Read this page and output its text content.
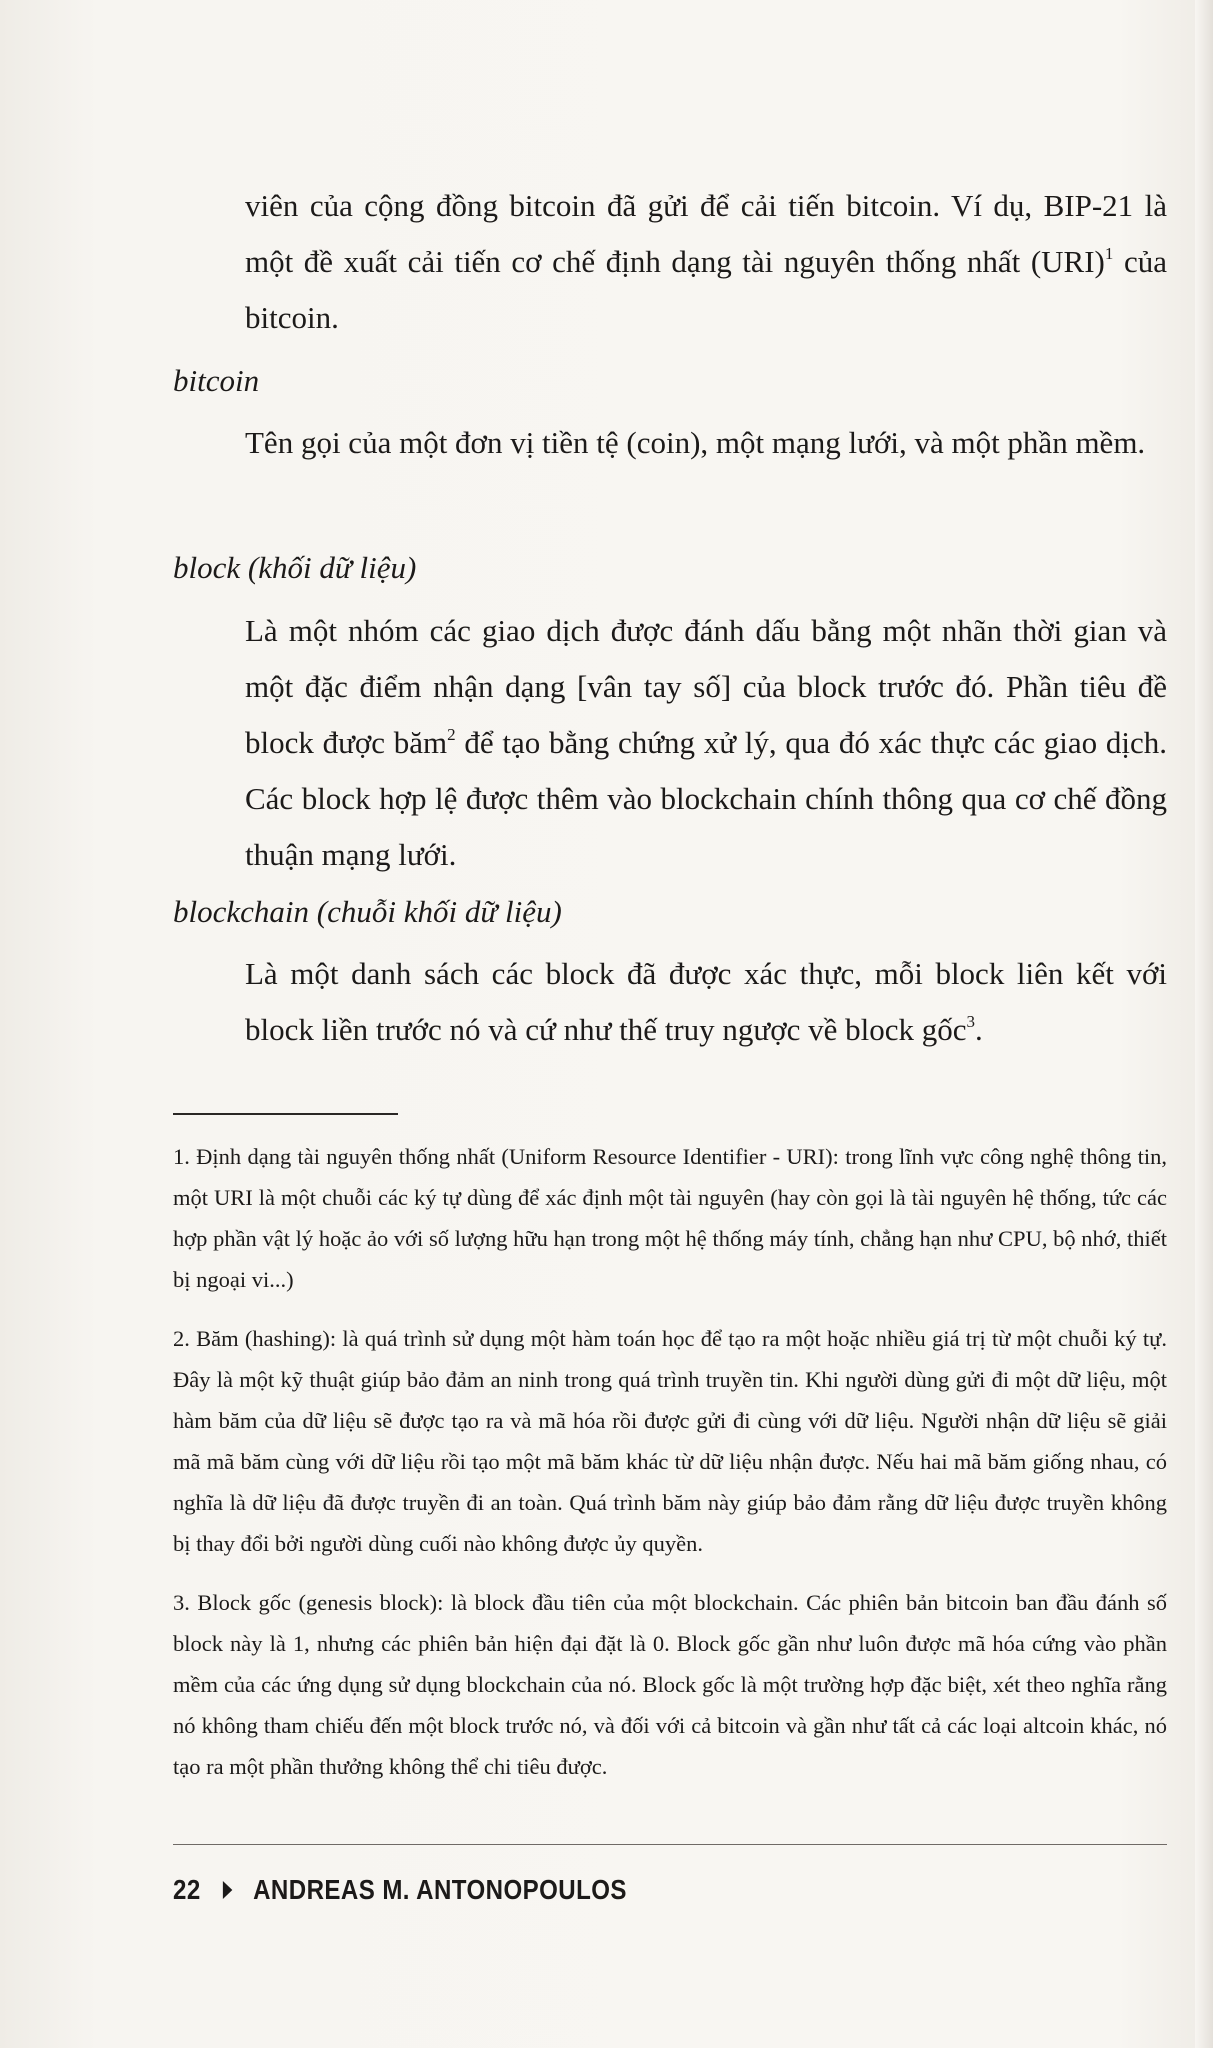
viên của cộng đồng bitcoin đã gửi để cải tiến bitcoin. Ví dụ, BIP-21 là một đề xuất cải tiến cơ chế định dạng tài nguyên thống nhất (URI)$^1$ của bitcoin.
bitcoin
Tên gọi của một đơn vị tiền tệ (coin), một mạng lưới, và một phần mềm.
block (khối dữ liệu)
Là một nhóm các giao dịch được đánh dấu bằng một nhãn thời gian và một đặc điểm nhận dạng [vân tay số] của block trước đó. Phần tiêu đề block được băm$^2$ để tạo bằng chứng xử lý, qua đó xác thực các giao dịch. Các block hợp lệ được thêm vào blockchain chính thông qua cơ chế đồng thuận mạng lưới.
blockchain (chuỗi khối dữ liệu)
Là một danh sách các block đã được xác thực, mỗi block liên kết với block liền trước nó và cứ như thế truy ngược về block gốc$^3$.

1. Định dạng tài nguyên thống nhất (Uniform Resource Identifier - URI): trong lĩnh vực công nghệ thông tin, một URI là một chuỗi các ký tự dùng để xác định một tài nguyên (hay còn gọi là tài nguyên hệ thống, tức các hợp phần vật lý hoặc ảo với số lượng hữu hạn trong một hệ thống máy tính, chẳng hạn như CPU, bộ nhớ, thiết bị ngoại vi...)

2. Băm (hashing): là quá trình sử dụng một hàm toán học để tạo ra một hoặc nhiều giá trị từ một chuỗi ký tự. Đây là một kỹ thuật giúp bảo đảm an ninh trong quá trình truyền tin. Khi người dùng gửi đi một dữ liệu, một hàm băm của dữ liệu sẽ được tạo ra và mã hóa rồi được gửi đi cùng với dữ liệu. Người nhận dữ liệu sẽ giải mã mã băm cùng với dữ liệu rồi tạo một mã băm khác từ dữ liệu nhận được. Nếu hai mã băm giống nhau, có nghĩa là dữ liệu đã được truyền đi an toàn. Quá trình băm này giúp bảo đảm rằng dữ liệu được truyền không bị thay đổi bởi người dùng cuối nào không được ủy quyền.

3. Block gốc (genesis block): là block đầu tiên của một blockchain. Các phiên bản bitcoin ban đầu đánh số block này là 1, nhưng các phiên bản hiện đại đặt là 0. Block gốc gần như luôn được mã hóa cứng vào phần mềm của các ứng dụng sử dụng blockchain của nó. Block gốc là một trường hợp đặc biệt, xét theo nghĩa rằng nó không tham chiếu đến một block trước nó, và đối với cả bitcoin và gần như tất cả các loại altcoin khác, nó tạo ra một phần thưởng không thể chi tiêu được.

22 ANDREAS M. ANTONOPOULOS
